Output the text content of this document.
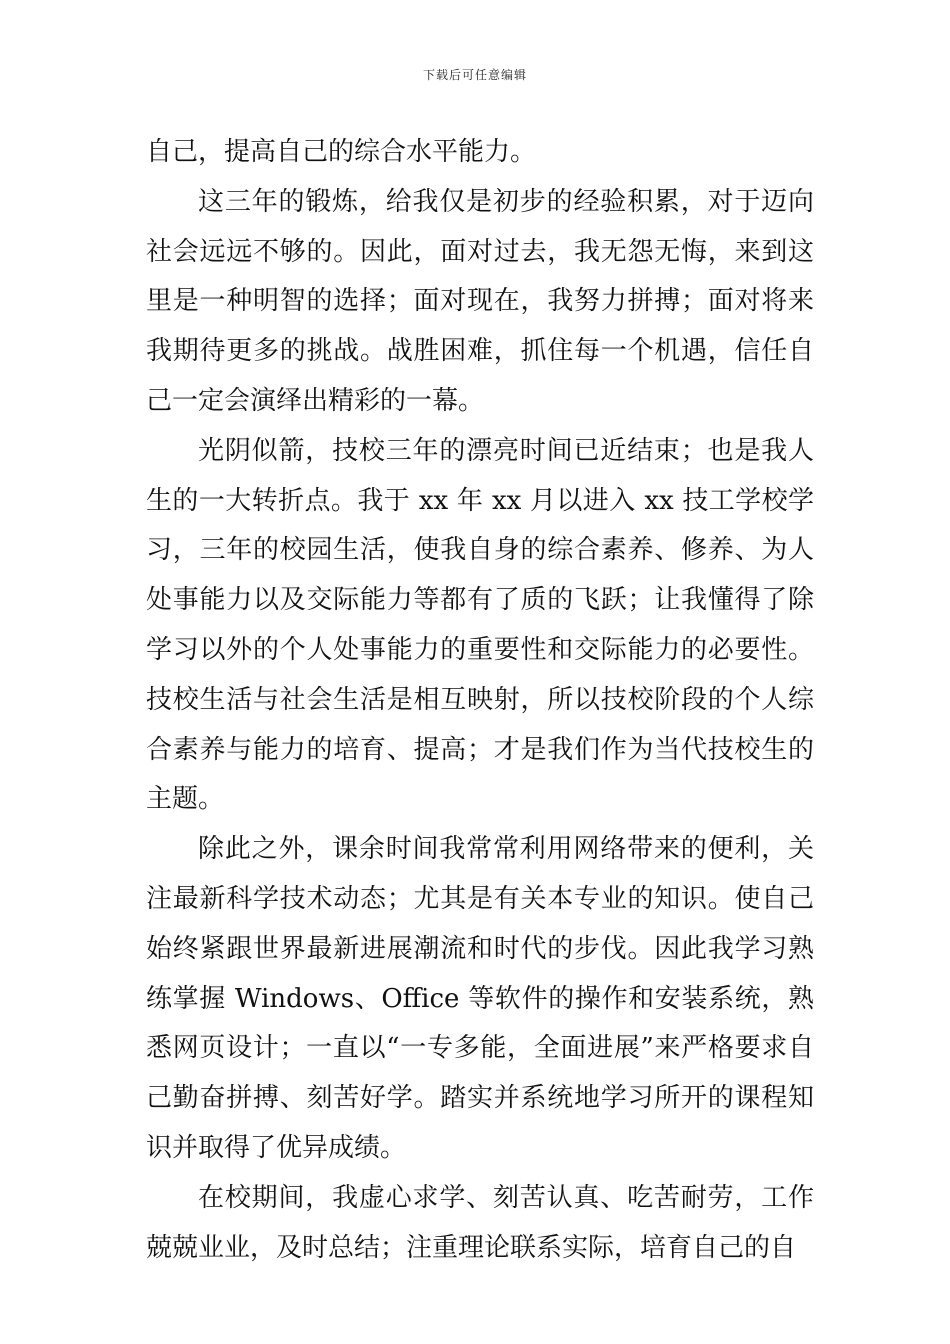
下载后可任意编辑

自己，提高自己的综合水平能力。

这三年的锻炼，给我仅是初步的经验积累，对于迈向社会远远不够的。因此，面对过去，我无怨无悔，来到这里是一种明智的选择；面对现在，我努力拼搏；面对将来我期待更多的挑战。战胜困难，抓住每一个机遇，信任自己一定会演绎出精彩的一幕。

光阴似箭，技校三年的漂亮时间已近结束；也是我人生的一大转折点。我于 xx 年 xx 月以进入 xx 技工学校学习，三年的校园生活，使我自身的综合素养、修养、为人处事能力以及交际能力等都有了质的飞跃；让我懂得了除学习以外的个人处事能力的重要性和交际能力的必要性。技校生活与社会生活是相互映射，所以技校阶段的个人综合素养与能力的培育、提高；才是我们作为当代技校生的主题。

除此之外，课余时间我常常利用网络带来的便利，关注最新科学技术动态；尤其是有关本专业的知识。使自己始终紧跟世界最新进展潮流和时代的步伐。因此我学习熟练掌握 Windows、Office 等软件的操作和安装系统，熟悉网页设计；一直以“一专多能，全面进展”来严格要求自己勤奋拼搏、刻苦好学。踏实并系统地学习所开的课程知识并取得了优异成绩。

在校期间，我虚心求学、刻苦认真、吃苦耐劳，工作兢兢业业，及时总结；注重理论联系实际，培育自己的自
